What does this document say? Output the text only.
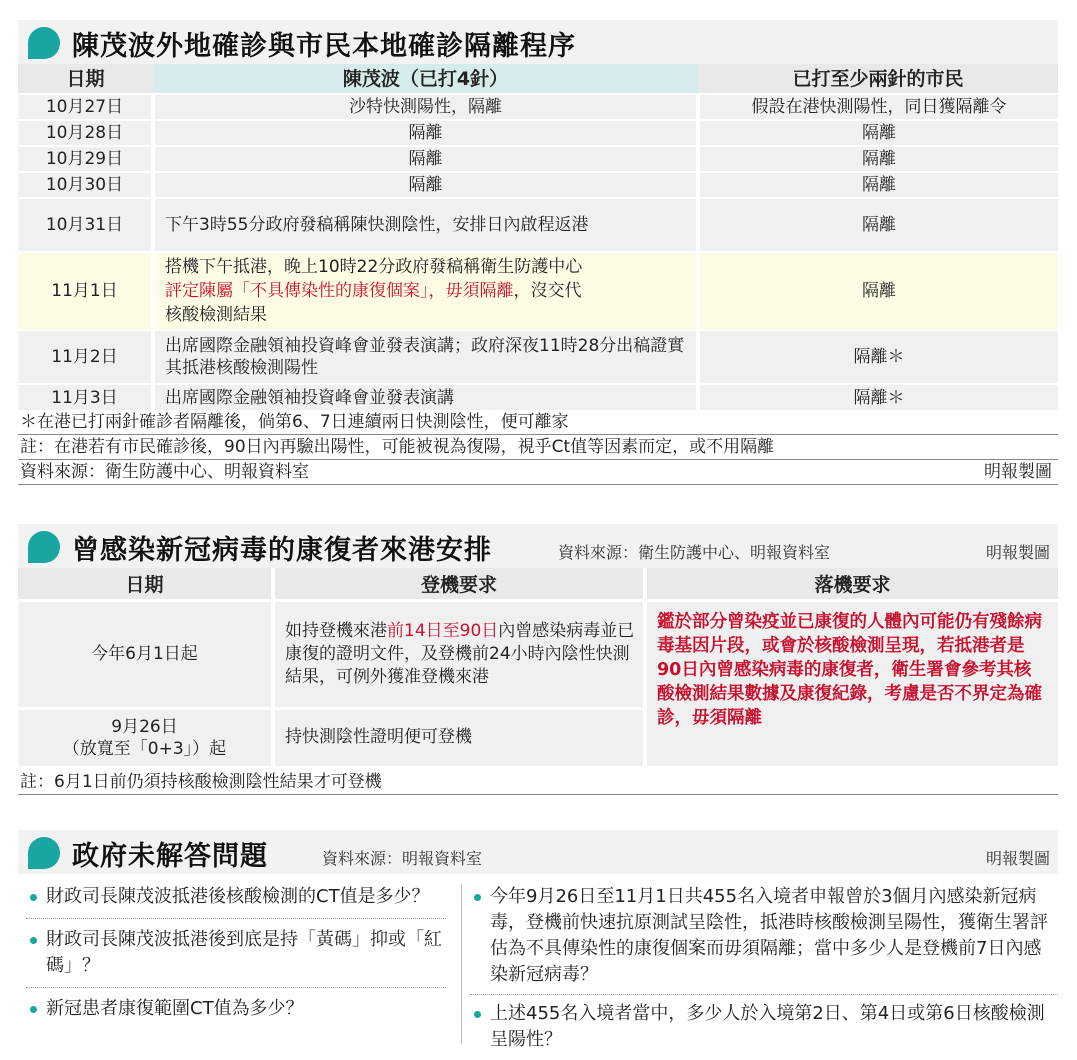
陳茂波外地確診與市民本地確診隔離程序
日期	陳茂波（已打4針）	已打至少兩針的市民
10月27日	沙特快測陽性，隔離	假設在港快測陽性，同日獲隔離令
10月28日	隔離	隔離
10月29日	隔離	隔離
10月30日	隔離	隔離
10月31日	下午3時55分政府發稿稱陳快測陰性，安排日內啟程返港	隔離
11月1日	搭機下午抵港，晚上10時22分政府發稿稱衛生防護中心
評定陳屬「不具傳染性的康復個案」，毋須隔離，沒交代
核酸檢測結果	隔離
11月2日	出席國際金融領袖投資峰會並發表演講；政府深夜11時28分出稿證實其抵港核酸檢測陽性	隔離＊
11月3日	出席國際金融領袖投資峰會並發表演講	隔離＊
＊在港已打兩針確診者隔離後，倘第6、7日連續兩日快測陰性，便可離家
註：在港若有市民確診後，90日內再驗出陽性，可能被視為復陽，視乎Ct值等因素而定，或不用隔離
資料來源：衛生防護中心、明報資料室	明報製圖
曾感染新冠病毒的康復者來港安排	資料來源：衛生防護中心、明報資料室	明報製圖
日期	登機要求	落機要求
今年6月1日起	如持登機來港前14日至90日內曾感染病毒並已康復的證明文件，及登機前24小時內陰性快測結果，可例外獲准登機來港	鑑於部分曾染疫並已康復的人體內可能仍有殘餘病毒基因片段，或會於核酸檢測呈現，若抵港者是90日內曾感染病毒的康復者，衛生署會參考其核酸檢測結果數據及康復紀錄，考慮是否不界定為確診，毋須隔離
9月26日
（放寬至「0+3」）起	持快測陰性證明便可登機	
註：6月1日前仍須持核酸檢測陰性結果才可登機
政府未解答問題	資料來源：明報資料室	明報製圖
財政司長陳茂波抵港後核酸檢測的CT值是多少？
財政司長陳茂波抵港後到底是持「黃碼」抑或「紅碼」？
新冠患者康復範圍CT值為多少？
今年9月26日至11月1日共455名入境者申報曾於3個月內感染新冠病毒，登機前快速抗原測試呈陰性，抵港時核酸檢測呈陽性，獲衛生署評估為不具傳染性的康復個案而毋須隔離；當中多少人是登機前7日內感染新冠病毒？
上述455名入境者當中，多少人於入境第2日、第4日或第6日核酸檢測呈陽性？
